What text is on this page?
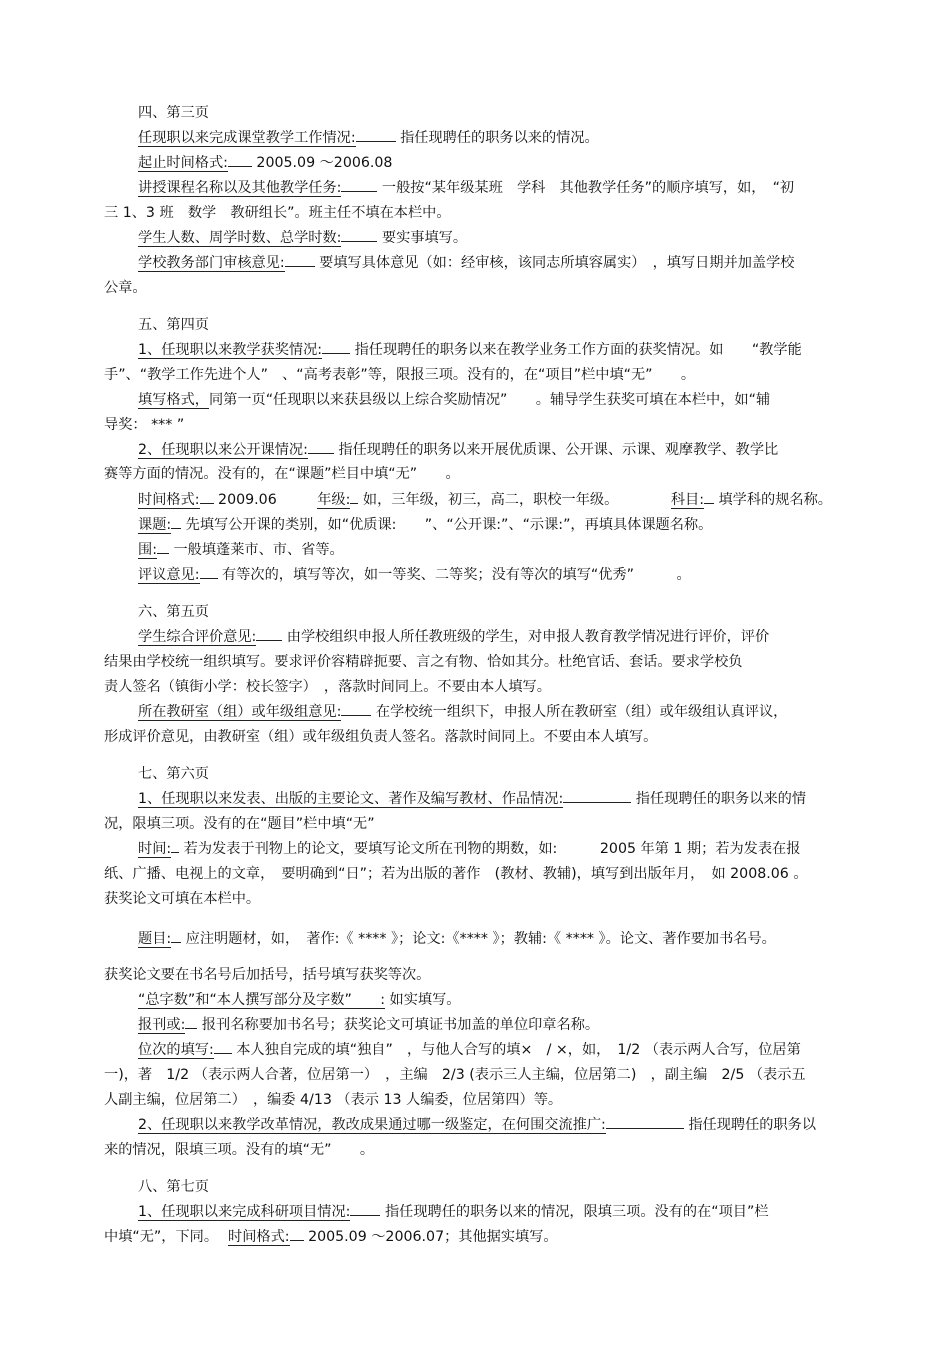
四、第三页
任现职以来完成课堂教学工作情况:	指任现聘任的职务以来的情况。
起止时间格式: 2005.09 ～2006.08
讲授课程名称以及其他教学任务:	一般按“某年级某班　学科　其他教学任务”的顺序填写，如，　“初
三 1、3 班　数学　教研组长”。班主任不填在本栏中。
学生人数、周学时数、总学时数:	要实事填写。
学校教务部门审核意见: 要填写具体意见（如：经审核，该同志所填容属实）　，填写日期并加盖学校
公章。
五、第四页
1、任现职以来教学获奖情况: 指任现聘任的职务以来在教学业务工作方面的获奖情况。如　　“教学能
手”、“教学工作先进个人”　、“高考表彰”等，限报三项。没有的，在“项目”栏中填“无”　　。
填写格式，同第一页“任现职以来获县级以上综合奖励情况”　　。辅导学生获奖可填在本栏中，如“辅
导奖： *** ”
2、任现职以来公开课情况: 指任现聘任的职务以来开展优质课、公开课、示课、观摩教学、教学比
赛等方面的情况。没有的，在“课题”栏目中填“无”　　。
时间格式: 2009.06	年级: 如，三年级，初三，高二，职校一年级。	科目: 填学科的规名称。
课题: 先填写公开课的类别，如“优质课:　　”、“公开课:”、“示课:”，再填具体课题名称。
围: 一般填蓬莱市、市、省等。
评议意见: 有等次的，填写等次，如一等奖、二等奖；没有等次的填写“优秀”　　　。
六、第五页
学生综合评价意见: 由学校组织申报人所任教班级的学生，对申报人教育教学情况进行评价，评价
结果由学校统一组织填写。要求评价容精辟扼要、言之有物、恰如其分。杜绝官话、套话。要求学校负
责人签名（镇街小学：校长签字）　，落款时间同上。不要由本人填写。
所在教研室（组）或年级组意见: 在学校统一组织下，申报人所在教研室（组）或年级组认真评议，
形成评价意见，由教研室（组）或年级组负责人签名。落款时间同上。不要由本人填写。
七、第六页
1、任现职以来发表、出版的主要论文、著作及编写教材、作品情况:	指任现聘任的职务以来的情
况，限填三项。没有的在“题目”栏中填“无”
时间: 若为发表于刊物上的论文，要填写论文所在刊物的期数，如:　　　2005 年第 1 期；若为发表在报
纸、广播、电视上的文章，　要明确到“日”；若为出版的著作　(教材、教辅)，填写到出版年月，　如 2008.06 。
获奖论文可填在本栏中。
题目: 应注明题材，如，　著作:《 **** 》；论文:《**** 》；教辅:《 **** 》。论文、著作要加书名号。
获奖论文要在书名号后加括号，括号填写获奖等次。
“总字数”和“本人撰写部分及字数”　　: 如实填写。
报刊或: 报刊名称要加书名号；获奖论文可填证书加盖的单位印章名称。
位次的填写: 本人独自完成的填“独自”　，与他人合写的填×　/ ×，如，　1/2 （表示两人合写，位居第
一)，著　1/2 （表示两人合著，位居第一）　，主编　2/3 (表示三人主编，位居第二)　，副主编　2/5 （表示五
人副主编，位居第二）　，编委 4/13 （表示 13 人编委，位居第四）等。
2、任现职以来教学改革情况，教改成果通过哪一级鉴定，在何围交流推广:	指任现聘任的职务以
来的情况，限填三项。没有的填“无”　　。
八、第七页
1、任现职以来完成科研项目情况: 指任现聘任的职务以来的情况，限填三项。没有的在“项目”栏
中填“无”，下同。 时间格式: 2005.09 ～2006.07；其他据实填写。
